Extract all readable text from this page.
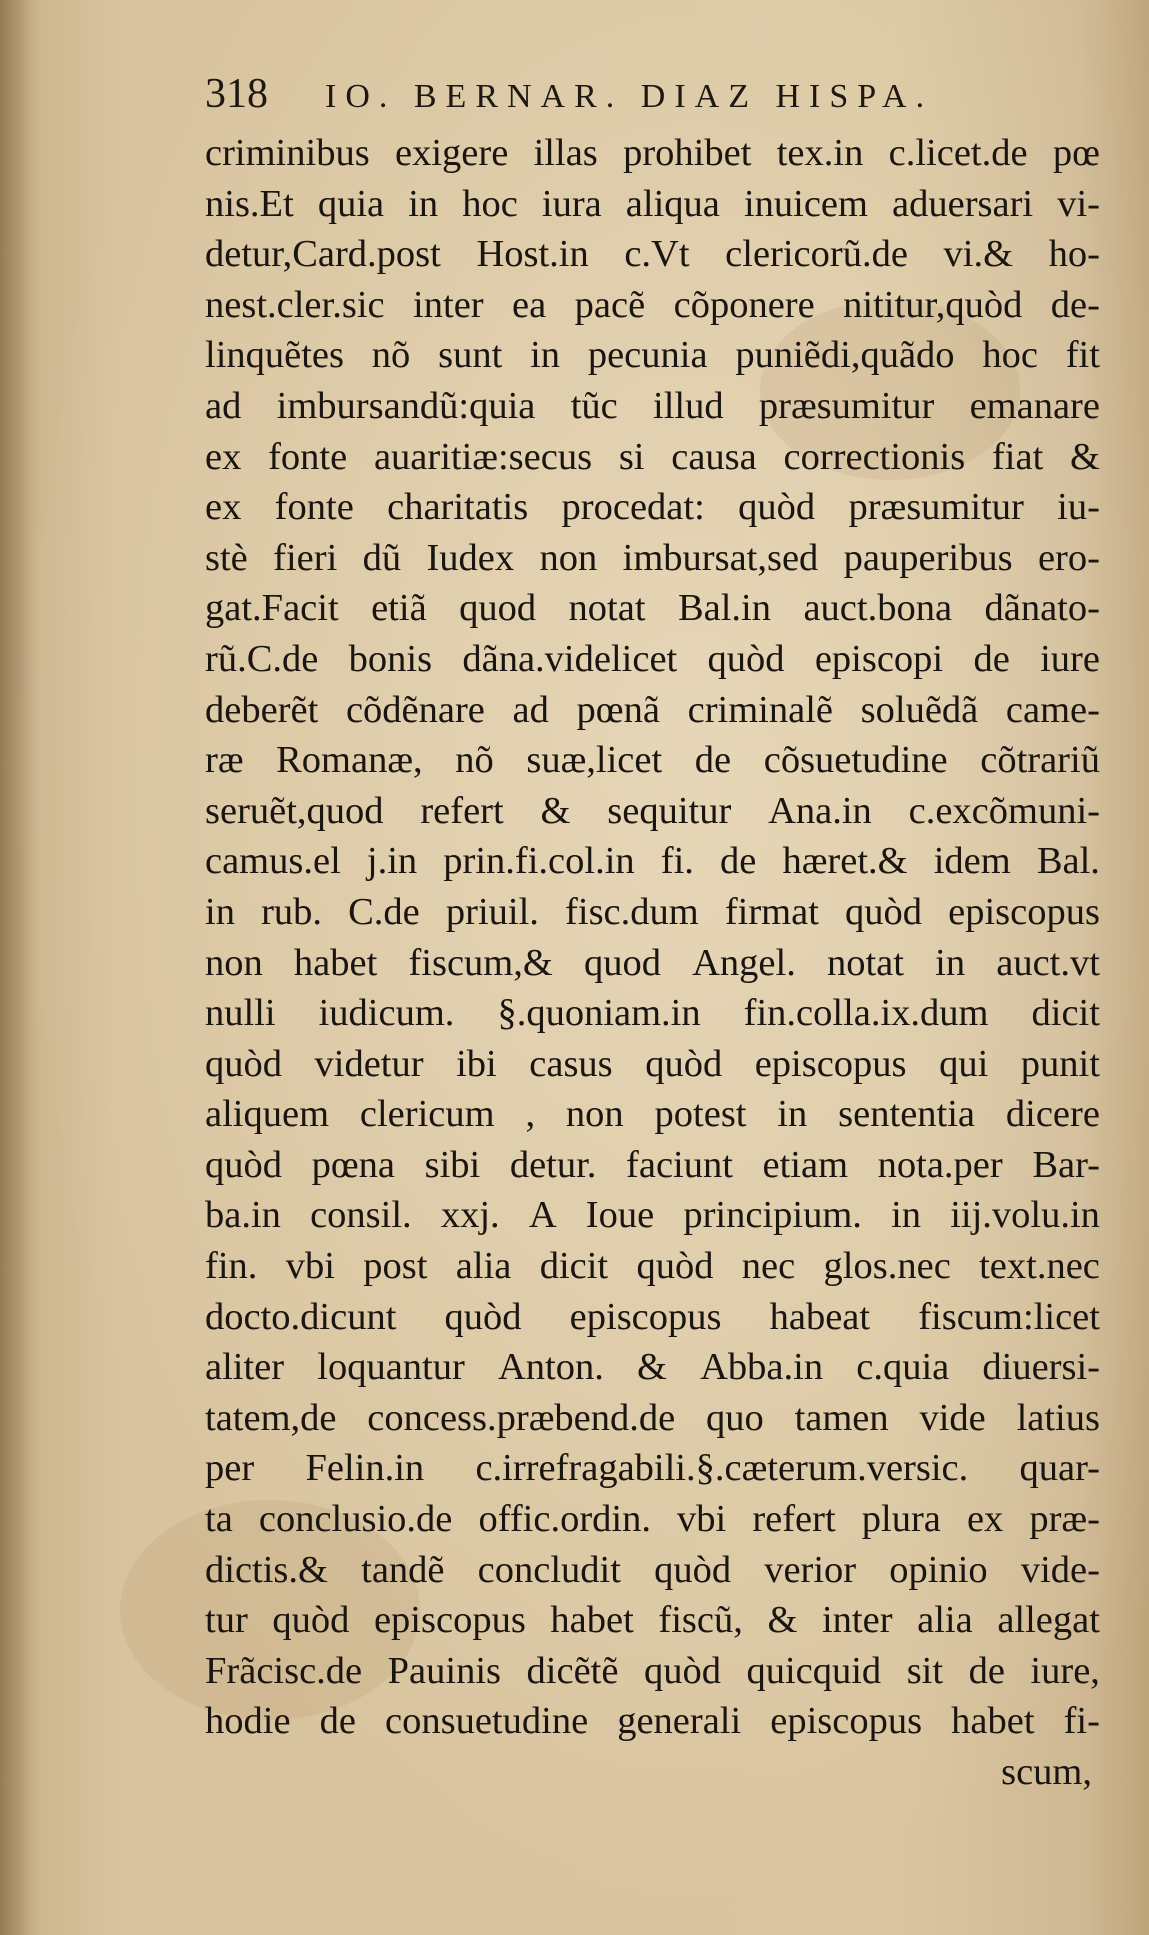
318	IO. BERNAR. DIAZ HISPA.
criminibus exigere illas prohibet tex.in c.licet.de pœ
nis.Et quia in hoc iura aliqua inuicem aduersari vi-
detur,Card.post Host.in c.Vt clericorũ.de vi.& ho-
nest.cler.sic inter ea pacẽ cõponere nititur,quòd de-
linquẽtes nõ sunt in pecunia puniẽdi,quãdo hoc fit
ad imbursandũ:quia tũc illud præsumitur emanare
ex fonte auaritiæ:secus si causa correctionis fiat &
ex fonte charitatis procedat: quòd præsumitur iu-
stè fieri dũ Iudex non imbursat,sed pauperibus ero-
gat.Facit etiã quod notat Bal.in auct.bona dãnato-
rũ.C.de bonis dãna.videlicet quòd episcopi de iure
deberẽt cõdẽnare ad pœnã criminalẽ soluẽdã came-
ræ Romanæ, nõ suæ,licet de cõsuetudine cõtrariũ
seruẽt,quod refert & sequitur Ana.in c.excõmuni-
camus.el j.in prin.fi.col.in fi. de hæret.& idem Bal.
in rub. C.de priuil. fisc.dum firmat quòd episcopus
non habet fiscum,& quod Angel. notat in auct.vt
nulli iudicum. §.quoniam.in fin.colla.ix.dum dicit
quòd videtur ibi casus quòd episcopus qui punit
aliquem clericum , non potest in sententia dicere
quòd pœna sibi detur. faciunt etiam nota.per Bar-
ba.in consil. xxj. A Ioue principium. in iij.volu.in
fin. vbi post alia dicit quòd nec glos.nec text.nec
docto.dicunt quòd episcopus habeat fiscum:licet
aliter loquantur Anton. & Abba.in c.quia diuersi-
tatem,de concess.præbend.de quo tamen vide latius
per Felin.in c.irrefragabili.§.cæterum.versic. quar-
ta conclusio.de offic.ordin. vbi refert plura ex præ-
dictis.& tandẽ concludit quòd verior opinio vide-
tur quòd episcopus habet fiscũ, & inter alia allegat
Frãcisc.de Pauinis dicẽtẽ quòd quicquid sit de iure,
hodie de consuetudine generali episcopus habet fi-
scum,
